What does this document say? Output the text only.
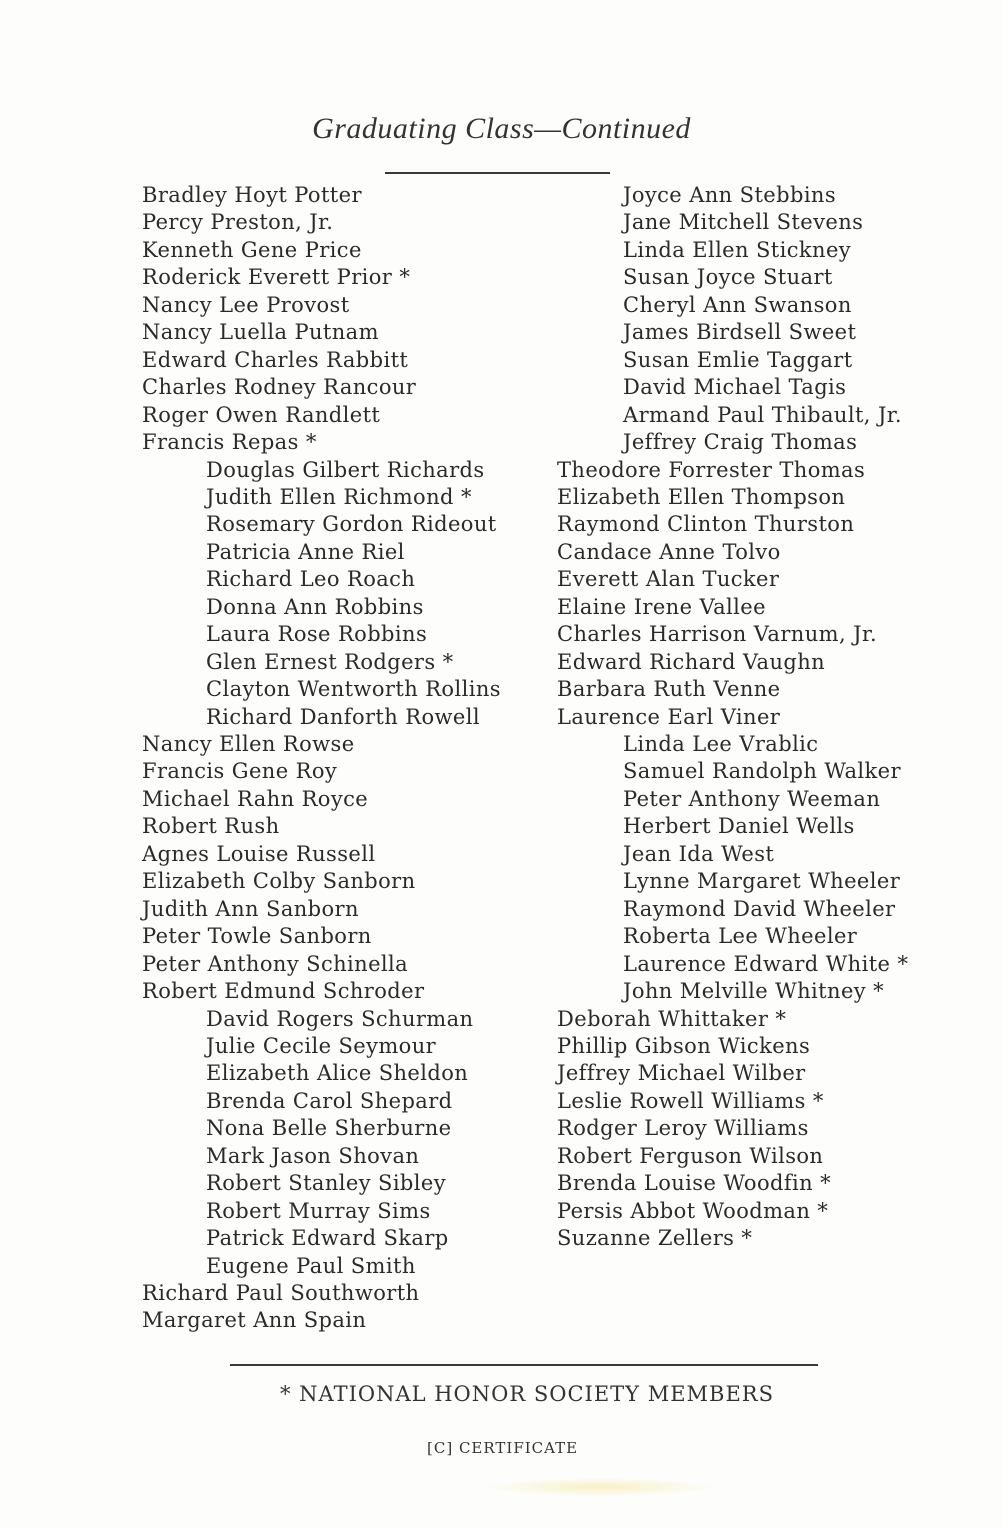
Graduating Class—Continued
Bradley Hoyt Potter
Percy Preston, Jr.
Kenneth Gene Price
Roderick Everett Prior *
Nancy Lee Provost
Nancy Luella Putnam
Edward Charles Rabbitt
Charles Rodney Rancour
Roger Owen Randlett
Francis Repas *
Douglas Gilbert Richards
Judith Ellen Richmond *
Rosemary Gordon Rideout
Patricia Anne Riel
Richard Leo Roach
Donna Ann Robbins
Laura Rose Robbins
Glen Ernest Rodgers *
Clayton Wentworth Rollins
Richard Danforth Rowell
Nancy Ellen Rowse
Francis Gene Roy
Michael Rahn Royce
Robert Rush
Agnes Louise Russell
Elizabeth Colby Sanborn
Judith Ann Sanborn
Peter Towle Sanborn
Peter Anthony Schinella
Robert Edmund Schroder
David Rogers Schurman
Julie Cecile Seymour
Elizabeth Alice Sheldon
Brenda Carol Shepard
Nona Belle Sherburne
Mark Jason Shovan
Robert Stanley Sibley
Robert Murray Sims
Patrick Edward Skarp
Eugene Paul Smith
Richard Paul Southworth
Margaret Ann Spain
Joyce Ann Stebbins
Jane Mitchell Stevens
Linda Ellen Stickney
Susan Joyce Stuart
Cheryl Ann Swanson
James Birdsell Sweet
Susan Emlie Taggart
David Michael Tagis
Armand Paul Thibault, Jr.
Jeffrey Craig Thomas
Theodore Forrester Thomas
Elizabeth Ellen Thompson
Raymond Clinton Thurston
Candace Anne Tolvo
Everett Alan Tucker
Elaine Irene Vallee
Charles Harrison Varnum, Jr.
Edward Richard Vaughn
Barbara Ruth Venne
Laurence Earl Viner
Linda Lee Vrablic
Samuel Randolph Walker
Peter Anthony Weeman
Herbert Daniel Wells
Jean Ida West
Lynne Margaret Wheeler
Raymond David Wheeler
Roberta Lee Wheeler
Laurence Edward White *
John Melville Whitney *
Deborah Whittaker *
Phillip Gibson Wickens
Jeffrey Michael Wilber
Leslie Rowell Williams *
Rodger Leroy Williams
Robert Ferguson Wilson
Brenda Louise Woodfin *
Persis Abbot Woodman *
Suzanne Zellers *
* NATIONAL HONOR SOCIETY MEMBERS
[C] CERTIFICATE
